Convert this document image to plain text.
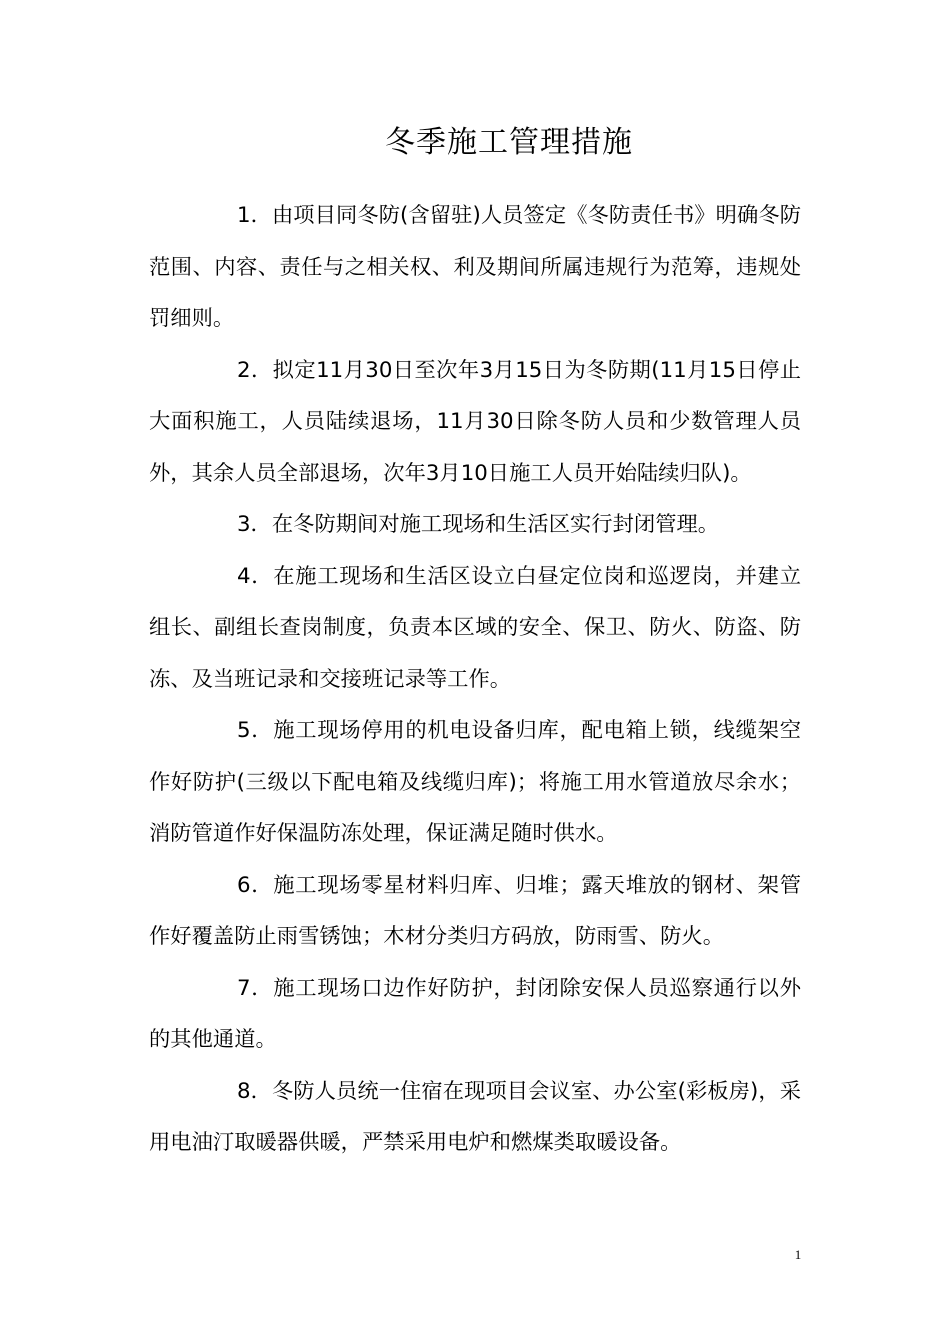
冬季施工管理措施

1．由项目同冬防(含留驻)人员签定《冬防责任书》明确冬防范围、内容、责任与之相关权、利及期间所属违规行为范筹，违规处罚细则。

2．拟定11月30日至次年3月15日为冬防期(11月15日停止大面积施工，人员陆续退场，11月30日除冬防人员和少数管理人员外，其余人员全部退场，次年3月10日施工人员开始陆续归队)。

3．在冬防期间对施工现场和生活区实行封闭管理。

4．在施工现场和生活区设立白昼定位岗和巡逻岗，并建立组长、副组长查岗制度，负责本区域的安全、保卫、防火、防盗、防冻、及当班记录和交接班记录等工作。

5．施工现场停用的机电设备归库，配电箱上锁，线缆架空作好防护(三级以下配电箱及线缆归库)；将施工用水管道放尽余水；消防管道作好保温防冻处理，保证满足随时供水。

6．施工现场零星材料归库、归堆；露天堆放的钢材、架管作好覆盖防止雨雪锈蚀；木材分类归方码放，防雨雪、防火。

7．施工现场口边作好防护，封闭除安保人员巡察通行以外的其他通道。

8．冬防人员统一住宿在现项目会议室、办公室(彩板房)，采用电油汀取暖器供暖，严禁采用电炉和燃煤类取暖设备。

1
